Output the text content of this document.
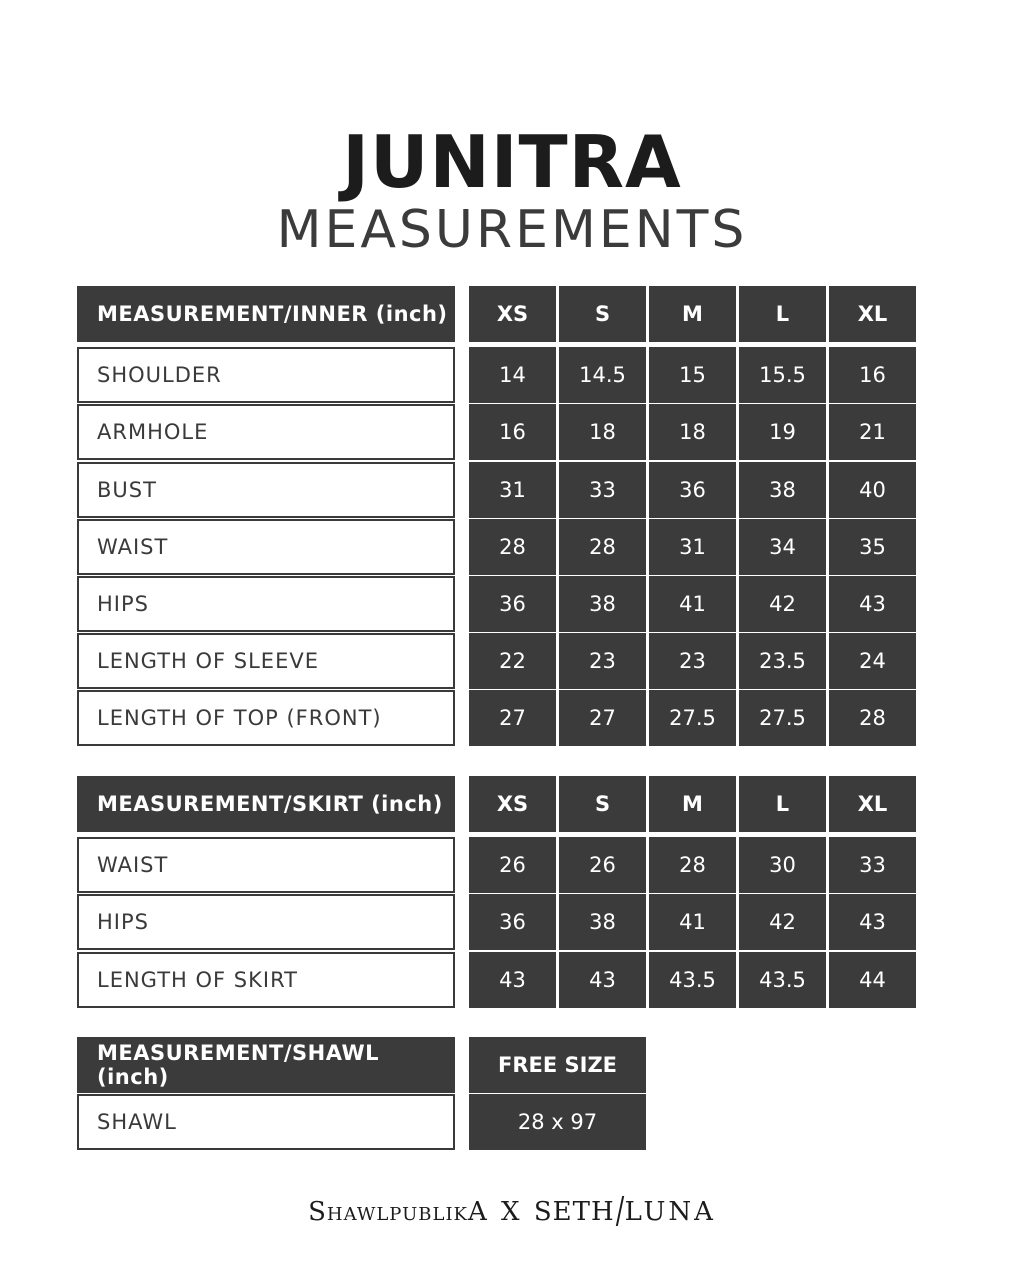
JUNITRA
MEASUREMENTS
MEASUREMENT/INNER (inch)	XS	S	M	L	XL
SHOULDER	14	14.5	15	15.5	16
ARMHOLE	16	18	18	19	21
BUST	31	33	36	38	40
WAIST	28	28	31	34	35
HIPS	36	38	41	42	43
LENGTH OF SLEEVE	22	23	23	23.5	24
LENGTH OF TOP (FRONT)	27	27	27.5	27.5	28
MEASUREMENT/SKIRT (inch)	XS	S	M	L	XL
WAIST	26	26	28	30	33
HIPS	36	38	41	42	43
LENGTH OF SKIRT	43	43	43.5	43.5	44
MEASUREMENT/SHAWL (inch)	FREE SIZE
SHAWL	28 x 97
ShawlpublikA X SETH LUNA
